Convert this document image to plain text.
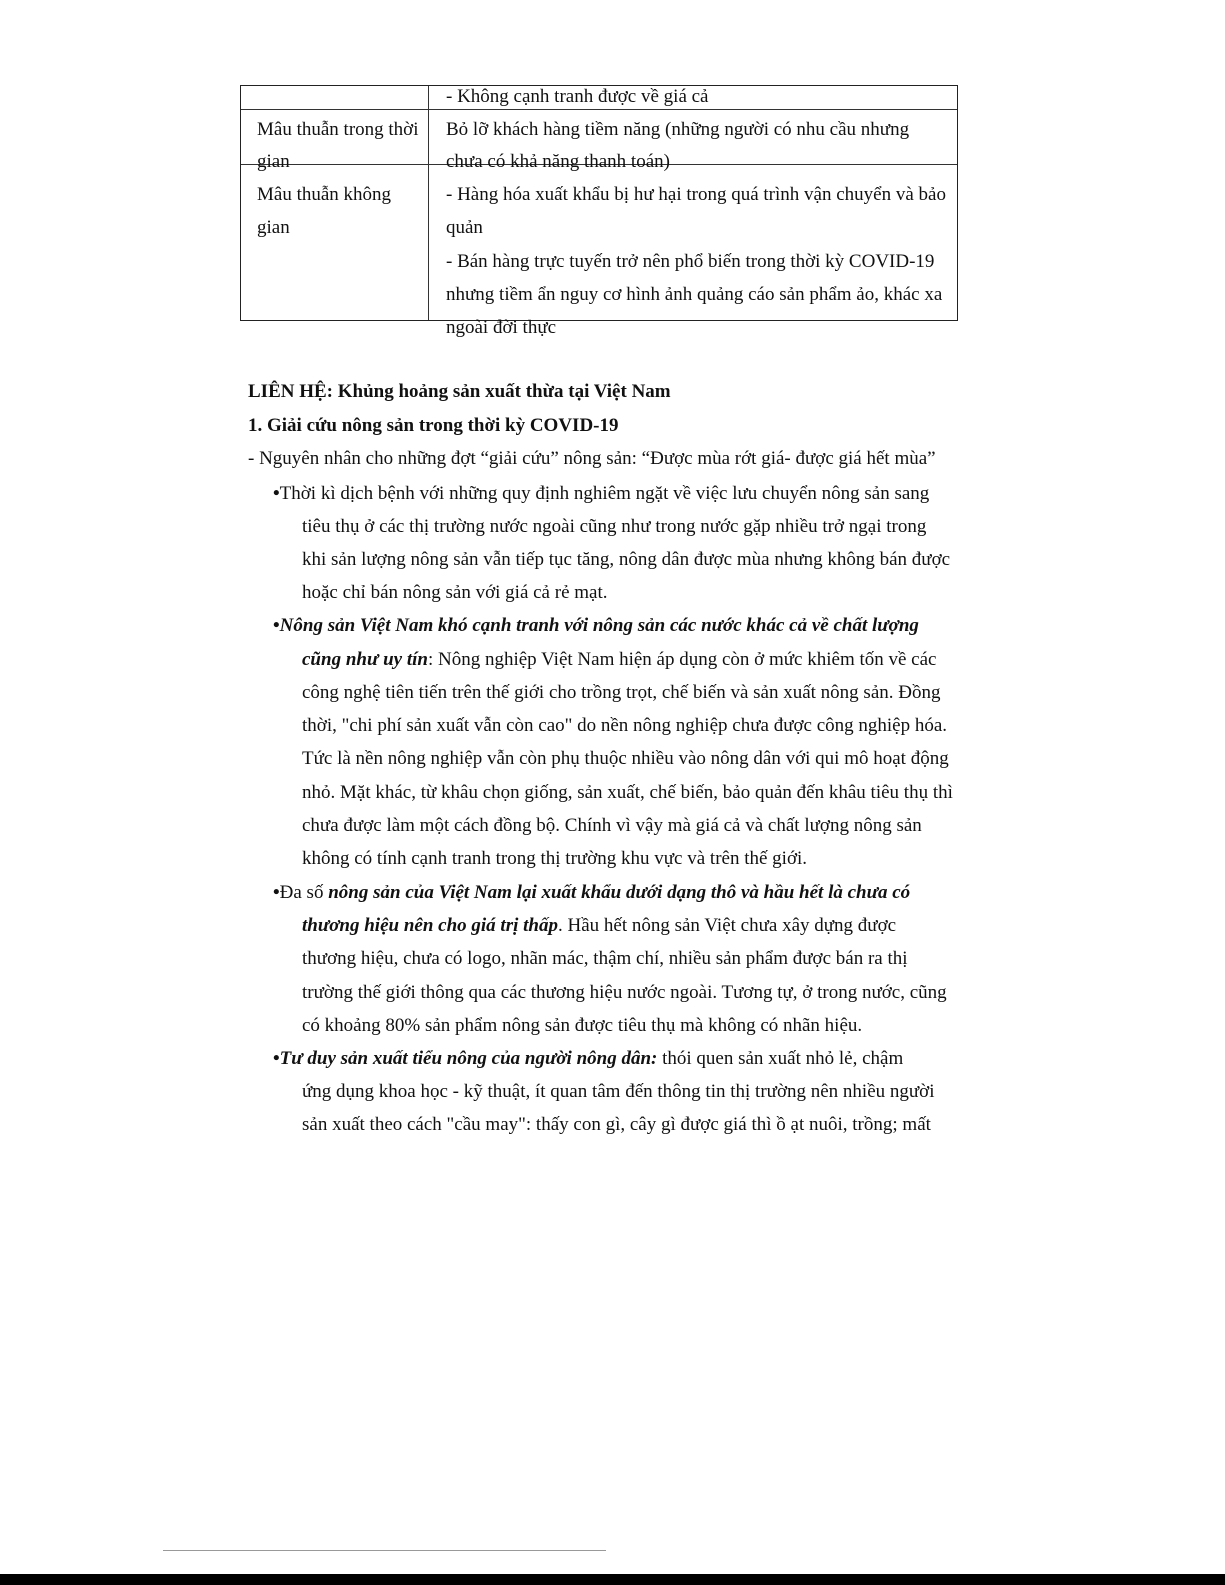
- Không cạnh tranh được về giá cả
Mâu thuẫn trong thời
gian
Bỏ lỡ khách hàng tiềm năng (những người có nhu cầu nhưng
chưa có khả năng thanh toán)
Mâu thuẫn không
gian
- Hàng hóa xuất khẩu bị hư hại trong quá trình vận chuyển và bảo
quản
- Bán hàng trực tuyến trở nên phổ biến trong thời kỳ COVID-19
nhưng tiềm ẩn nguy cơ hình ảnh quảng cáo sản phẩm ảo, khác xa
ngoài đời thực
LIÊN HỆ: Khủng hoảng sản xuất thừa tại Việt Nam
1. Giải cứu nông sản trong thời kỳ COVID-19
- Nguyên nhân cho những đợt “giải cứu” nông sản: “Được mùa rớt giá- được giá hết mùa”
•Thời kì dịch bệnh với những quy định nghiêm ngặt về việc lưu chuyển nông sản sang
tiêu thụ ở các thị trường nước ngoài cũng như trong nước gặp nhiều trở ngại trong
khi sản lượng nông sản vẫn tiếp tục tăng, nông dân được mùa nhưng không bán được
hoặc chỉ bán nông sản với giá cả rẻ mạt.
•Nông sản Việt Nam khó cạnh tranh với nông sản các nước khác cả về chất lượng
cũng như uy tín: Nông nghiệp Việt Nam hiện áp dụng còn ở mức khiêm tốn về các
công nghệ tiên tiến trên thế giới cho trồng trọt, chế biến và sản xuất nông sản. Đồng
thời, "chi phí sản xuất vẫn còn cao" do nền nông nghiệp chưa được công nghiệp hóa.
Tức là nền nông nghiệp vẫn còn phụ thuộc nhiều vào nông dân với qui mô hoạt động
nhỏ. Mặt khác, từ khâu chọn giống, sản xuất, chế biến, bảo quản đến khâu tiêu thụ thì
chưa được làm một cách đồng bộ. Chính vì vậy mà giá cả và chất lượng nông sản
không có tính cạnh tranh trong thị trường khu vực và trên thế giới.
•Đa số nông sản của Việt Nam lại xuất khẩu dưới dạng thô và hầu hết là chưa có
thương hiệu nên cho giá trị thấp. Hầu hết nông sản Việt chưa xây dựng được
thương hiệu, chưa có logo, nhãn mác, thậm chí, nhiều sản phẩm được bán ra thị
trường thế giới thông qua các thương hiệu nước ngoài. Tương tự, ở trong nước, cũng
có khoảng 80% sản phẩm nông sản được tiêu thụ mà không có nhãn hiệu.
•Tư duy sản xuất tiểu nông của người nông dân: thói quen sản xuất nhỏ lẻ, chậm
ứng dụng khoa học - kỹ thuật, ít quan tâm đến thông tin thị trường nên nhiều người
sản xuất theo cách "cầu may": thấy con gì, cây gì được giá thì ồ ạt nuôi, trồng; mất
